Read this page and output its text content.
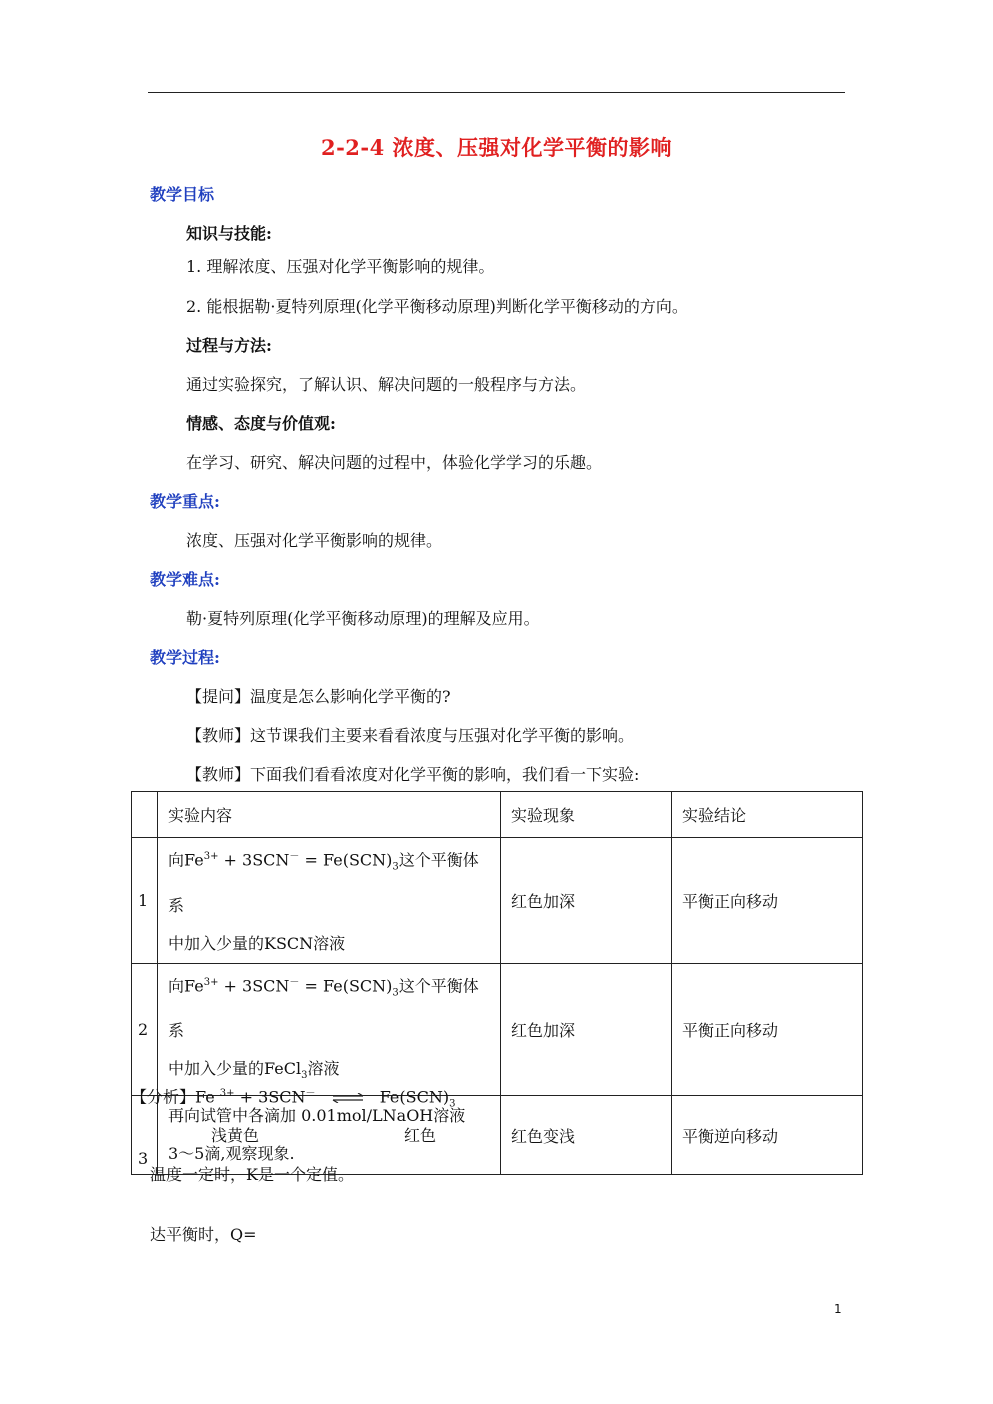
2-2-4 浓度、压强对化学平衡的影响
教学目标
知识与技能:
1. 理解浓度、压强对化学平衡影响的规律。
2. 能根据勒·夏特列原理(化学平衡移动原理)判断化学平衡移动的方向。
过程与方法:
通过实验探究，了解认识、解决问题的一般程序与方法。
情感、态度与价值观:
在学习、研究、解决问题的过程中，体验化学学习的乐趣。
教学重点:
浓度、压强对化学平衡影响的规律。
教学难点:
勒·夏特列原理(化学平衡移动原理)的理解及应用。
教学过程:
【提问】温度是怎么影响化学平衡的?
【教师】这节课我们主要来看看浓度与压强对化学平衡的影响。
【教师】下面我们看看浓度对化学平衡的影响，我们看一下实验:
	实验内容	实验现象	实验结论
1	向$Fe^{3+} + 3SCN^- = Fe(SCN)_3$这个平衡体系
中加入少量的KSCN溶液	红色加深	平衡正向移动
2	向$Fe^{3+} + 3SCN^- = Fe(SCN)_3$这个平衡体系
中加入少量的FeCl$_3$溶液	红色加深	平衡正向移动
3	再向试管中各滴加 0.01mol/LNaOH溶液
3～5滴,观察现象.	红色变浅	平衡逆向移动
【分析】Fe $^{3+}$ + 3SCN－ ⇌ $Fe(SCN)_3$
浅黄色	红色
温度一定时，K是一个定值。
达平衡时，Q=
1
